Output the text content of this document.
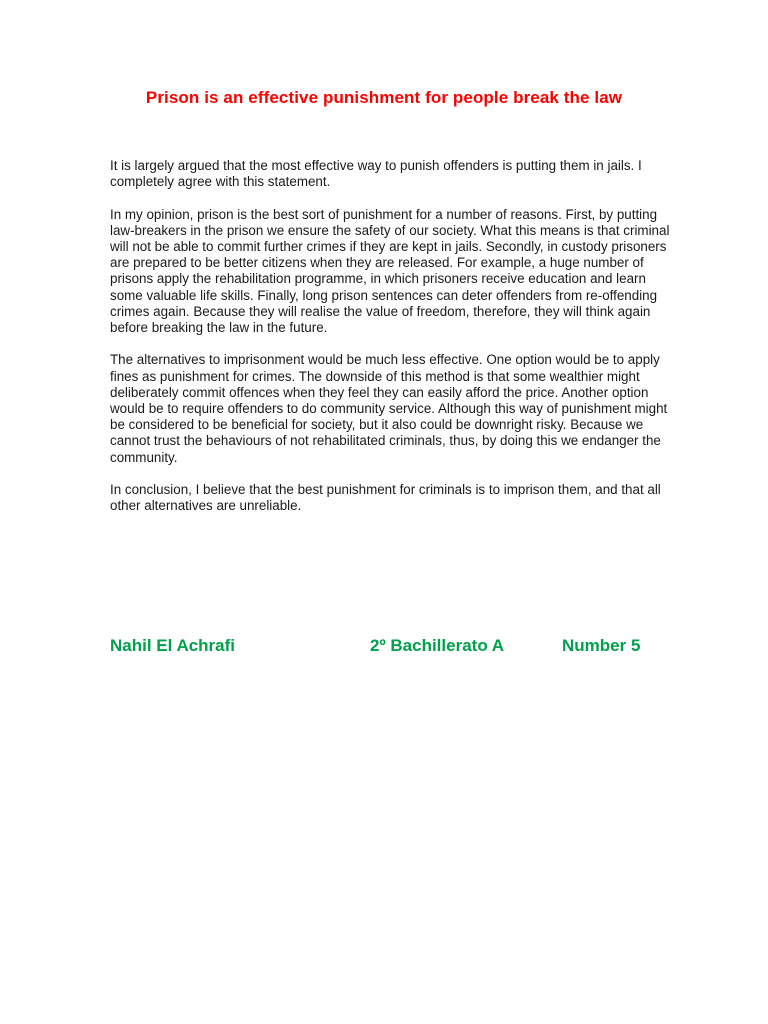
Prison is an effective punishment for people break the law

It is largely argued that the most effective way to punish offenders is putting them in jails. I completely agree with this statement.

In my opinion, prison is the best sort of punishment for a number of reasons. First, by putting law-breakers in the prison we ensure the safety of our society. What this means is that criminal will not be able to commit further crimes if they are kept in jails. Secondly, in custody prisoners are prepared to be better citizens when they are released. For example, a huge number of prisons apply the rehabilitation programme, in which prisoners receive education and learn some valuable life skills. Finally, long prison sentences can deter offenders from re-offending crimes again. Because they will realise the value of freedom, therefore, they will think again before breaking the law in the future.

The alternatives to imprisonment would be much less effective. One option would be to apply fines as punishment for crimes. The downside of this method is that some wealthier might deliberately commit offences when they feel they can easily afford the price. Another option would be to require offenders to do community service. Although this way of punishment might be considered to be beneficial for society, but it also could be downright risky. Because we cannot trust the behaviours of not rehabilitated criminals, thus, by doing this we endanger the community.

In conclusion, I believe that the best punishment for criminals is to imprison them, and that all other alternatives are unreliable.

Nahil El Achrafi	2º Bachillerato A	Number 5
